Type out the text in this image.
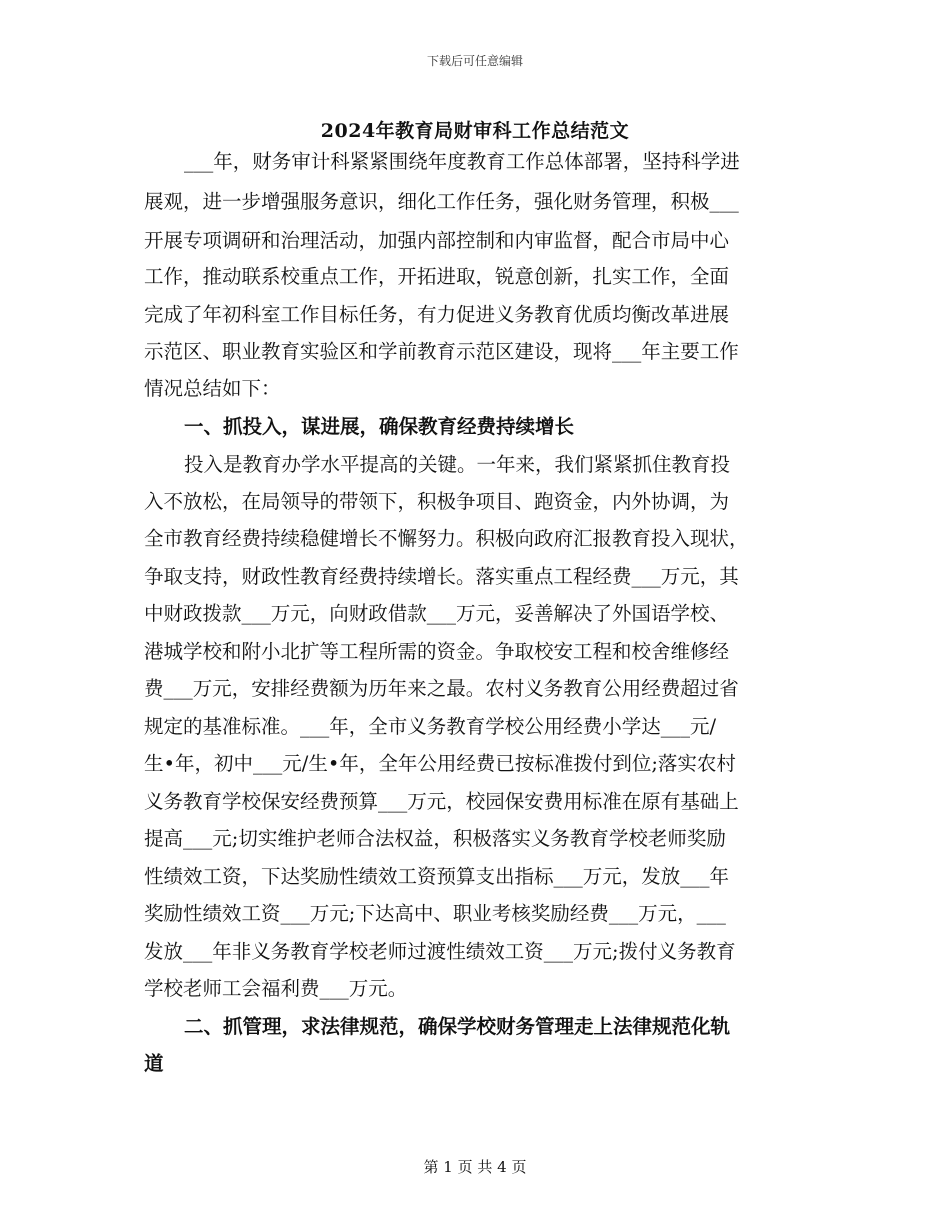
下载后可任意编辑
2024年教育局财审科工作总结范文
___年，财务审计科紧紧围绕年度教育工作总体部署，坚持科学进
展观，进一步增强服务意识，细化工作任务，强化财务管理，积极___
开展专项调研和治理活动，加强内部控制和内审监督，配合市局中心
工作，推动联系校重点工作，开拓进取，锐意创新，扎实工作，全面
完成了年初科室工作目标任务，有力促进义务教育优质均衡改革进展
示范区、职业教育实验区和学前教育示范区建设，现将___年主要工作
情况总结如下：
一、抓投入，谋进展，确保教育经费持续增长
投入是教育办学水平提高的关键。一年来，我们紧紧抓住教育投
入不放松，在局领导的带领下，积极争项目、跑资金，内外协调，为
全市教育经费持续稳健增长不懈努力。积极向政府汇报教育投入现状，
争取支持，财政性教育经费持续增长。落实重点工程经费___万元，其
中财政拨款___万元，向财政借款___万元，妥善解决了外国语学校、
港城学校和附小北扩等工程所需的资金。争取校安工程和校舍维修经
费___万元，安排经费额为历年来之最。农村义务教育公用经费超过省
规定的基准标准。___年，全市义务教育学校公用经费小学达___元/
生•年，初中___元/生•年，全年公用经费已按标准拨付到位;落实农村
义务教育学校保安经费预算___万元，校园保安费用标准在原有基础上
提高___元;切实维护老师合法权益，积极落实义务教育学校老师奖励
性绩效工资，下达奖励性绩效工资预算支出指标___万元，发放___年
奖励性绩效工资___万元;下达高中、职业考核奖励经费___万元，___
发放___年非义务教育学校老师过渡性绩效工资___万元;拨付义务教育
学校老师工会福利费___万元。
二、抓管理，求法律规范，确保学校财务管理走上法律规范化轨
道
第 1 页 共 4 页
